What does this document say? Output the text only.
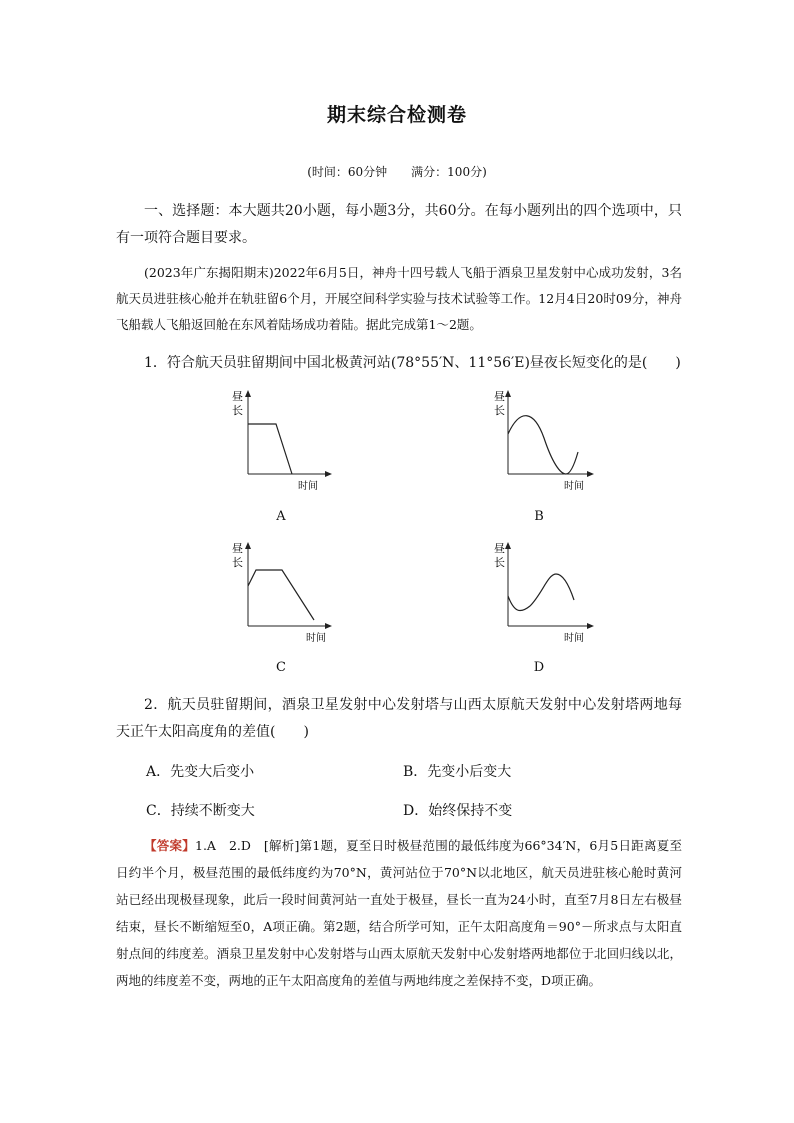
期末综合检测卷
(时间：60分钟　　满分：100分)
一、选择题：本大题共20小题，每小题3分，共60分。在每小题列出的四个选项中，只有一项符合题目要求。
(2023年广东揭阳期末)2022年6月5日，神舟十四号载人飞船于酒泉卫星发射中心成功发射，3名航天员进驻核心舱并在轨驻留6个月，开展空间科学实验与技术试验等工作。12月4日20时09分，神舟飞船载人飞船返回舱在东风着陆场成功着陆。据此完成第1～2题。
1．符合航天员驻留期间中国北极黄河站(78°55′N、11°56′E)昼夜长短变化的是(　　)
昼
长
时间
A
昼
长
时间
B
昼
长
时间
C
昼
长
时间
D
2．航天员驻留期间，酒泉卫星发射中心发射塔与山西太原航天发射中心发射塔两地每天正午太阳高度角的差值(　　)
A．先变大后变小	B．先变小后变大
C．持续不断变大	D．始终保持不变
【答案】1.A　2.D　[解析]第1题，夏至日时极昼范围的最低纬度为66°34′N，6月5日距离夏至日约半个月，极昼范围的最低纬度约为70°N，黄河站位于70°N以北地区，航天员进驻核心舱时黄河站已经出现极昼现象，此后一段时间黄河站一直处于极昼，昼长一直为24小时，直至7月8日左右极昼结束，昼长不断缩短至0，A项正确。第2题，结合所学可知，正午太阳高度角＝90°－所求点与太阳直射点间的纬度差。酒泉卫星发射中心发射塔与山西太原航天发射中心发射塔两地都位于北回归线以北，两地的纬度差不变，两地的正午太阳高度角的差值与两地纬度之差保持不变，D项正确。
